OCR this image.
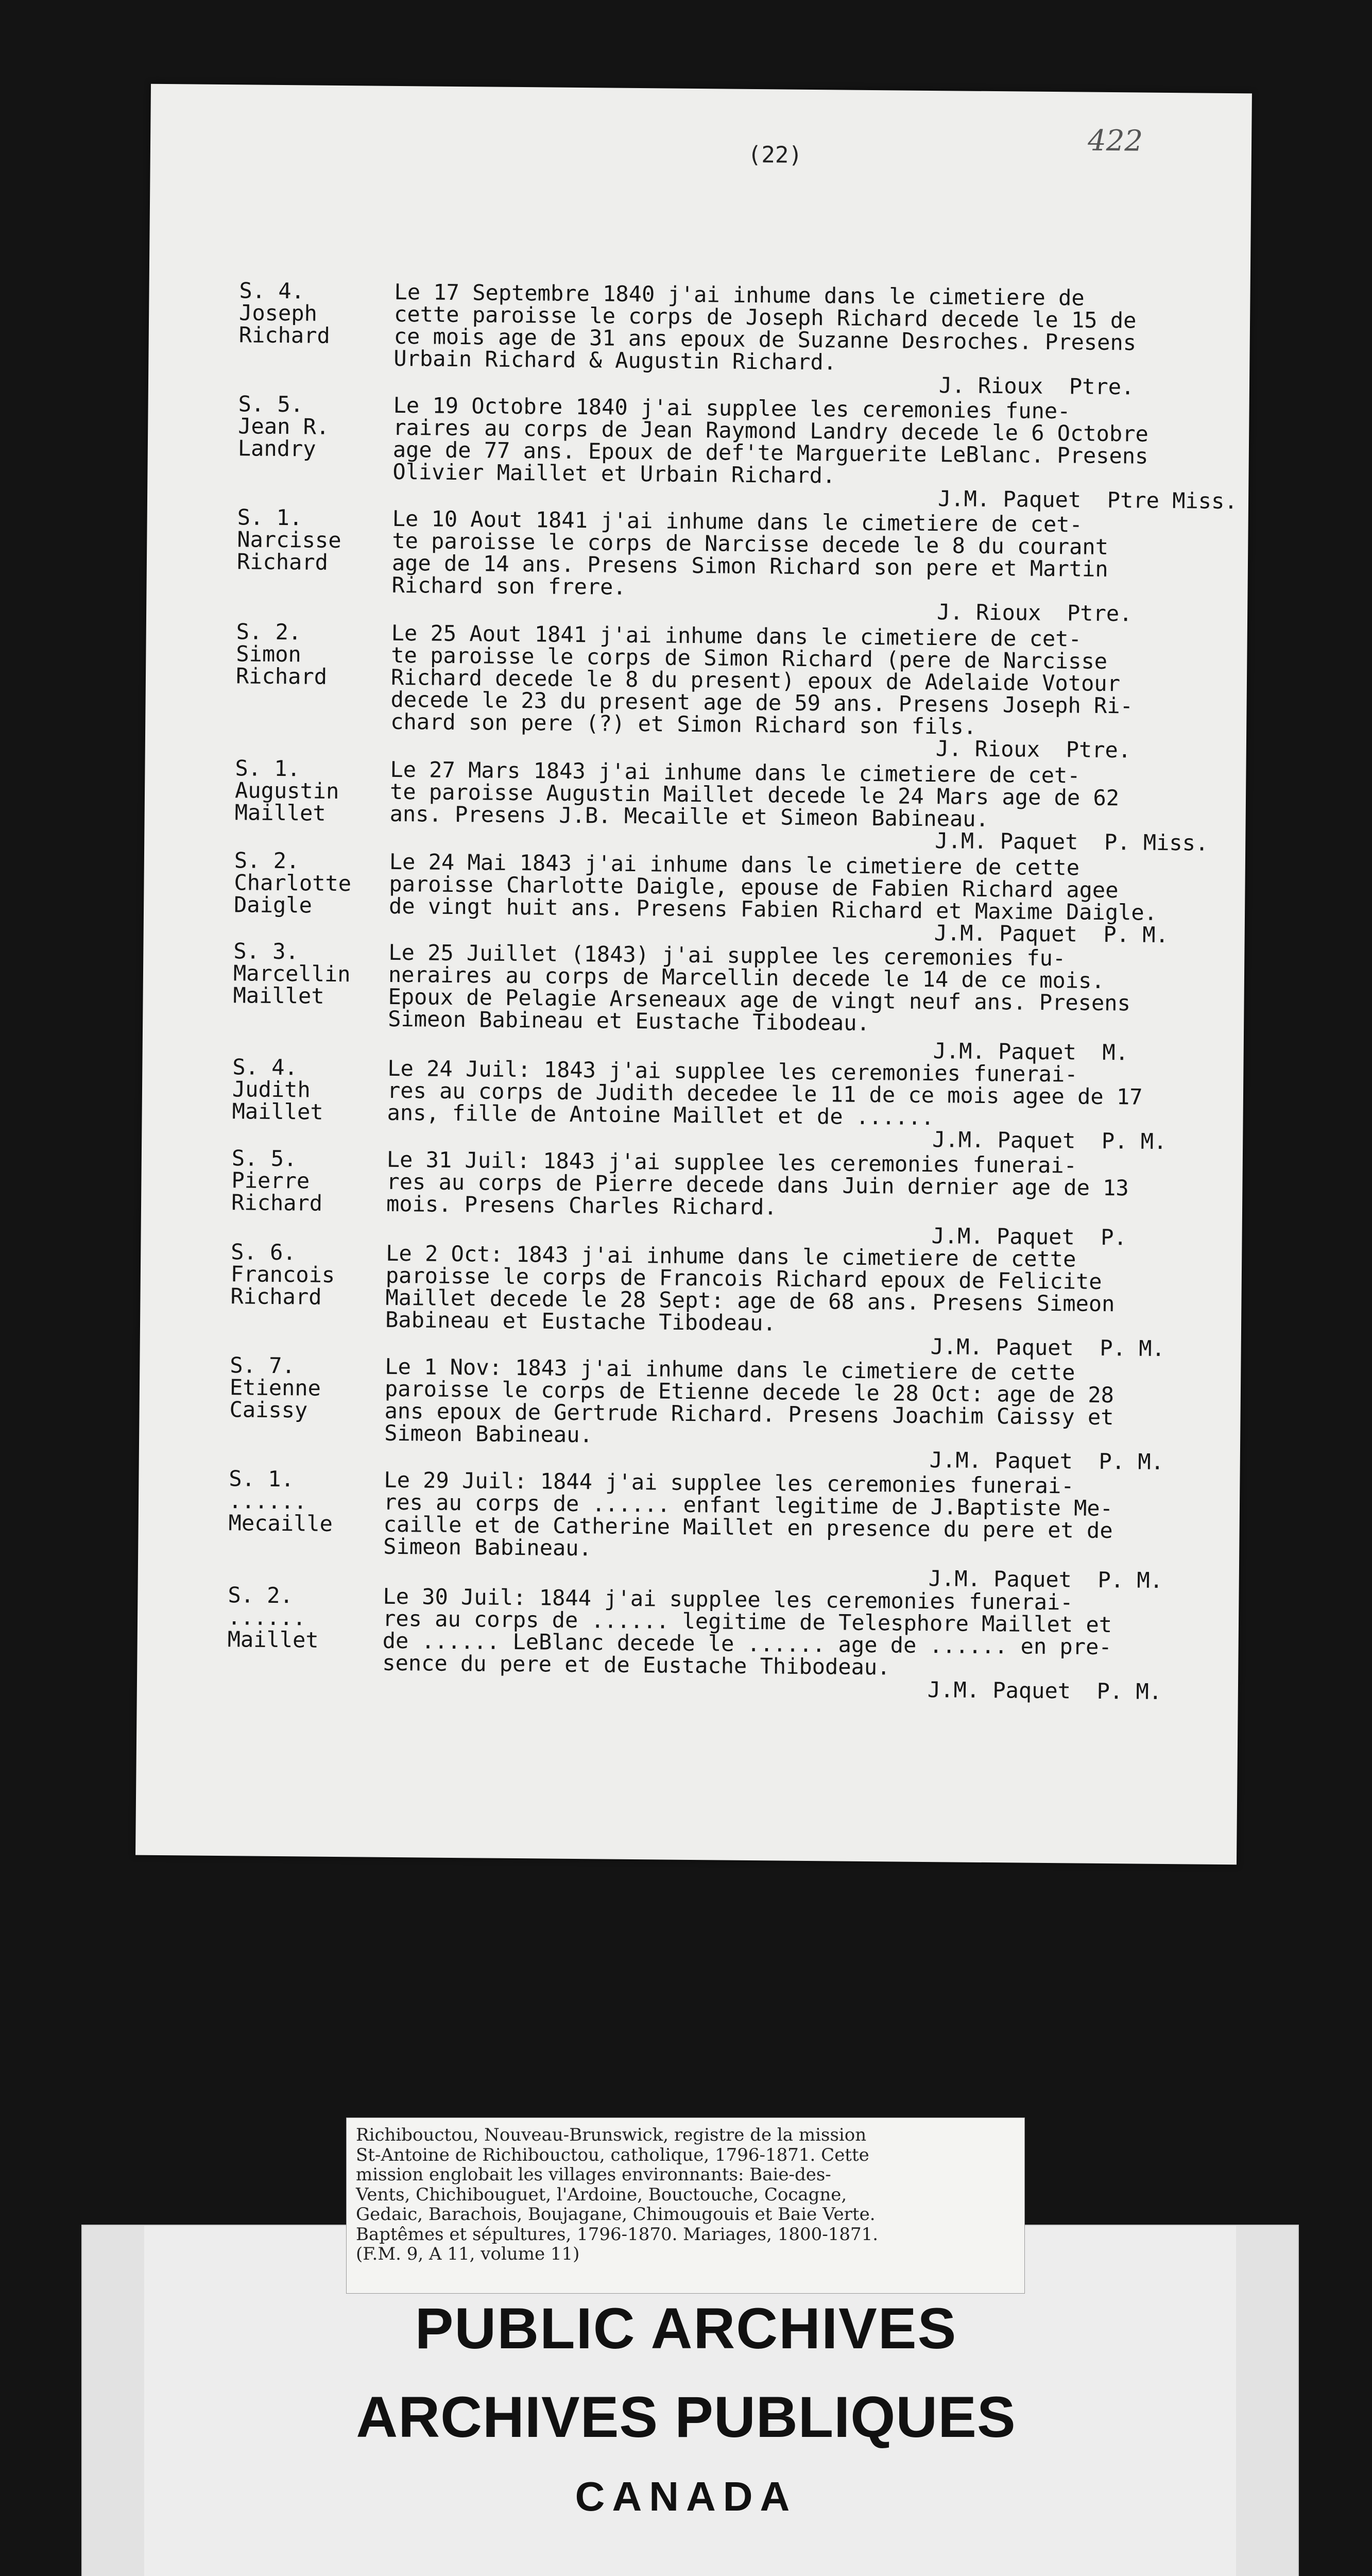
(22)	422
S. 4.
Joseph
Richard
Le 17 Septembre 1840 j'ai inhume dans le cimetiere de
cette paroisse le corps de Joseph Richard decede le 15 de
ce mois age de 31 ans epoux de Suzanne Desroches. Presens
Urbain Richard & Augustin Richard.
J. Rioux  Ptre.
S. 5.
Jean R.
Landry
Le 19 Octobre 1840 j'ai supplee les ceremonies fune-
raires au corps de Jean Raymond Landry decede le 6 Octobre
age de 77 ans. Epoux de def'te Marguerite LeBlanc. Presens
Olivier Maillet et Urbain Richard.
J.M. Paquet  Ptre Miss.
S. 1.
Narcisse
Richard
Le 10 Aout 1841 j'ai inhume dans le cimetiere de cet-
te paroisse le corps de Narcisse decede le 8 du courant
age de 14 ans. Presens Simon Richard son pere et Martin
Richard son frere.
J. Rioux  Ptre.
S. 2.
Simon
Richard
Le 25 Aout 1841 j'ai inhume dans le cimetiere de cet-
te paroisse le corps de Simon Richard (pere de Narcisse
Richard decede le 8 du present) epoux de Adelaide Votour
decede le 23 du present age de 59 ans. Presens Joseph Ri-
chard son pere (?) et Simon Richard son fils.
J. Rioux  Ptre.
S. 1.
Augustin
Maillet
Le 27 Mars 1843 j'ai inhume dans le cimetiere de cet-
te paroisse Augustin Maillet decede le 24 Mars age de 62
ans. Presens J.B. Mecaille et Simeon Babineau.
J.M. Paquet  P. Miss.
S. 2.
Charlotte
Daigle
Le 24 Mai 1843 j'ai inhume dans le cimetiere de cette
paroisse Charlotte Daigle, epouse de Fabien Richard agee
de vingt huit ans. Presens Fabien Richard et Maxime Daigle.
J.M. Paquet  P. M.
S. 3.
Marcellin
Maillet
Le 25 Juillet (1843) j'ai supplee les ceremonies fu-
neraires au corps de Marcellin decede le 14 de ce mois.
Epoux de Pelagie Arseneaux age de vingt neuf ans. Presens
Simeon Babineau et Eustache Tibodeau.
J.M. Paquet  M.
S. 4.
Judith
Maillet
Le 24 Juil: 1843 j'ai supplee les ceremonies funerai-
res au corps de Judith decedee le 11 de ce mois agee de 17
ans, fille de Antoine Maillet et de ......
J.M. Paquet  P. M.
S. 5.
Pierre
Richard
Le 31 Juil: 1843 j'ai supplee les ceremonies funerai-
res au corps de Pierre decede dans Juin dernier age de 13
mois. Presens Charles Richard.
J.M. Paquet  P.
S. 6.
Francois
Richard
Le 2 Oct: 1843 j'ai inhume dans le cimetiere de cette
paroisse le corps de Francois Richard epoux de Felicite
Maillet decede le 28 Sept: age de 68 ans. Presens Simeon
Babineau et Eustache Tibodeau.
J.M. Paquet  P. M.
S. 7.
Etienne
Caissy
Le 1 Nov: 1843 j'ai inhume dans le cimetiere de cette
paroisse le corps de Etienne decede le 28 Oct: age de 28
ans epoux de Gertrude Richard. Presens Joachim Caissy et
Simeon Babineau.
J.M. Paquet  P. M.
S. 1.
......
Mecaille
Le 29 Juil: 1844 j'ai supplee les ceremonies funerai-
res au corps de ...... enfant legitime de J.Baptiste Me-
caille et de Catherine Maillet en presence du pere et de
Simeon Babineau.
J.M. Paquet  P. M.
S. 2.
......
Maillet
Le 30 Juil: 1844 j'ai supplee les ceremonies funerai-
res au corps de ...... legitime de Telesphore Maillet et
de ...... LeBlanc decede le ...... age de ...... en pre-
sence du pere et de Eustache Thibodeau.
J.M. Paquet  P. M.
Richibouctou, Nouveau-Brunswick, registre de la mission
St-Antoine de Richibouctou, catholique, 1796-1871. Cette
mission englobait les villages environnants: Baie-des-
Vents, Chichibouguet, l'Ardoine, Bouctouche, Cocagne,
Gedaic, Barachois, Boujagane, Chimougouis et Baie Verte.
Baptêmes et sépultures, 1796-1870. Mariages, 1800-1871.
(F.M. 9, A 11, volume 11)
PUBLIC ARCHIVES
ARCHIVES PUBLIQUES
CANADA
